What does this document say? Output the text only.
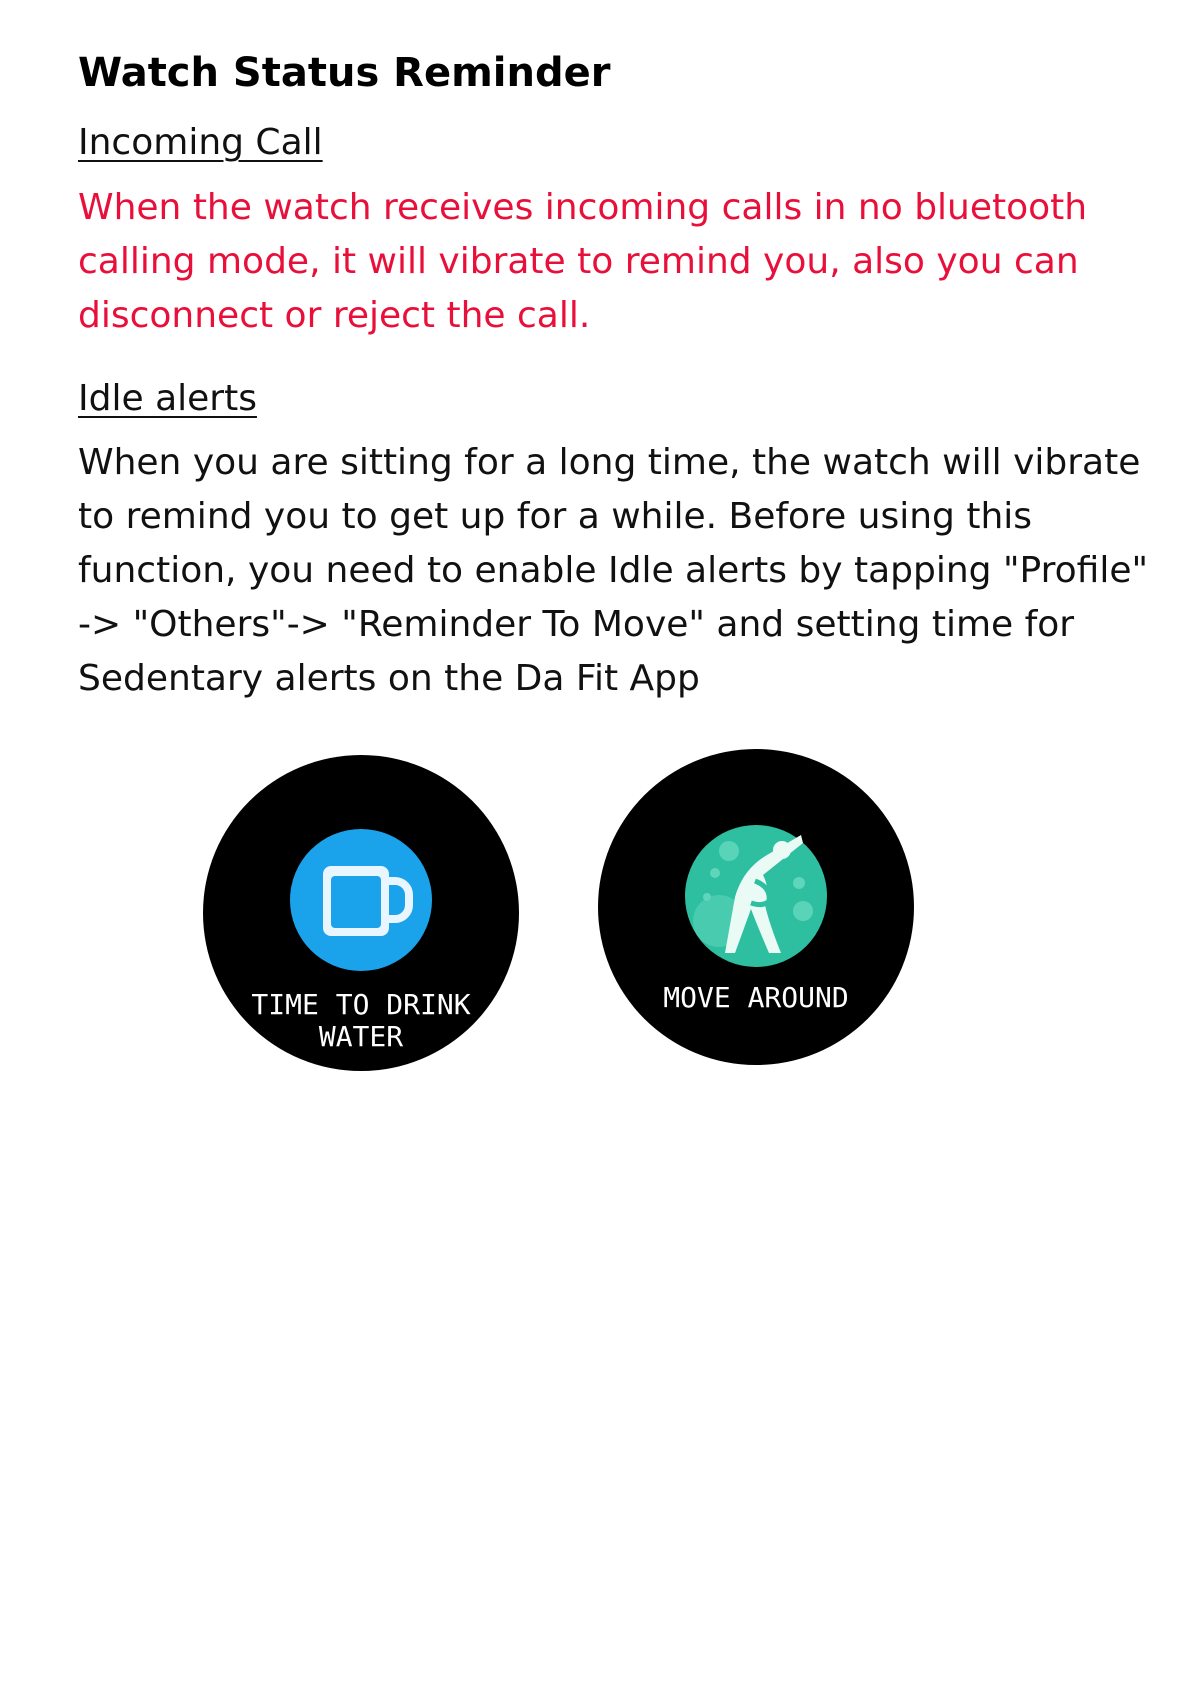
Watch Status Reminder
Incoming Call

When the watch receives incoming calls in no bluetooth calling mode, it will vibrate to remind you, also you can disconnect or reject the call.

Idle alerts

When you are sitting for a long time, the watch will vibrate to remind you to get up for a while. Before using this function, you need to enable Idle alerts by tapping "Profile" -> "Others"-> "Reminder To Move" and setting time for Sedentary alerts on the Da Fit App

TIME TO DRINK
WATER
MOVE AROUND
